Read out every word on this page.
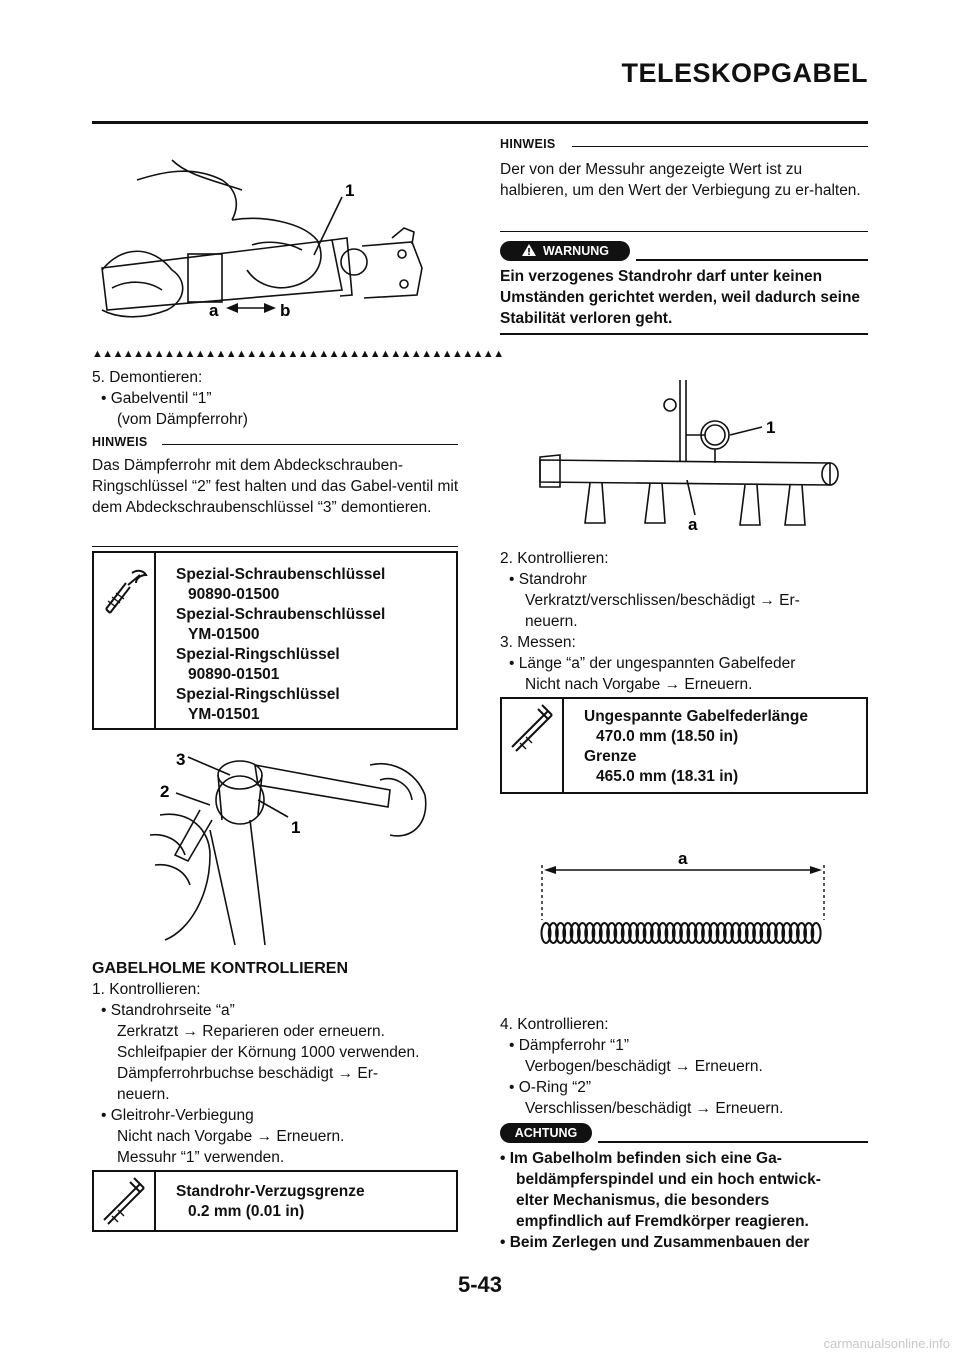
TELESKOPGABEL
1
a	b
▲▲▲▲▲▲▲▲▲▲▲▲▲▲▲▲▲▲▲▲▲▲▲▲▲▲▲▲▲▲▲▲▲▲▲▲▲▲▲▲
5. Demontieren:
• Gabelventil “1”
(vom Dämpferrohr)
HINWEIS
Das Dämpferrohr mit dem Abdeckschrauben-Ringschlüssel “2” fest halten und das Gabel-ventil mit dem Abdeckschraubenschlüssel “3” demontieren.
Spezial-Schraubenschlüssel
90890-01500
Spezial-Schraubenschlüssel
YM-01500
Spezial-Ringschlüssel
90890-01501
Spezial-Ringschlüssel
YM-01501
3
2
1
GABELHOLME KONTROLLIEREN
1. Kontrollieren:
• Standrohrseite “a”
Zerkratzt → Reparieren oder erneuern.
Schleifpapier der Körnung 1000 verwenden.
Dämpferrohrbuchse beschädigt → Er-
neuern.
• Gleitrohr-Verbiegung
Nicht nach Vorgabe → Erneuern.
Messuhr “1” verwenden.
Standrohr-Verzugsgrenze
0.2 mm (0.01 in)
HINWEIS
Der von der Messuhr angezeigte Wert ist zu halbieren, um den Wert der Verbiegung zu er-halten.
WARNUNG
Ein verzogenes Standrohr darf unter keinen Umständen gerichtet werden, weil dadurch seine Stabilität verloren geht.
1
a
2. Kontrollieren:
• Standrohr
Verkratzt/verschlissen/beschädigt → Er-
neuern.
3. Messen:
• Länge “a” der ungespannten Gabelfeder
Nicht nach Vorgabe → Erneuern.
Ungespannte Gabelfederlänge
470.0 mm (18.50 in)
Grenze
465.0 mm (18.31 in)
a
4. Kontrollieren:
• Dämpferrohr “1”
Verbogen/beschädigt → Erneuern.
• O-Ring “2”
Verschlissen/beschädigt → Erneuern.
ACHTUNG
• Im Gabelholm befinden sich eine Ga-
beldämpferspindel und ein hoch entwick-
elter Mechanismus, die besonders
empfindlich auf Fremdkörper reagieren.
• Beim Zerlegen und Zusammenbauen der
5-43
carmanualsonline.info
